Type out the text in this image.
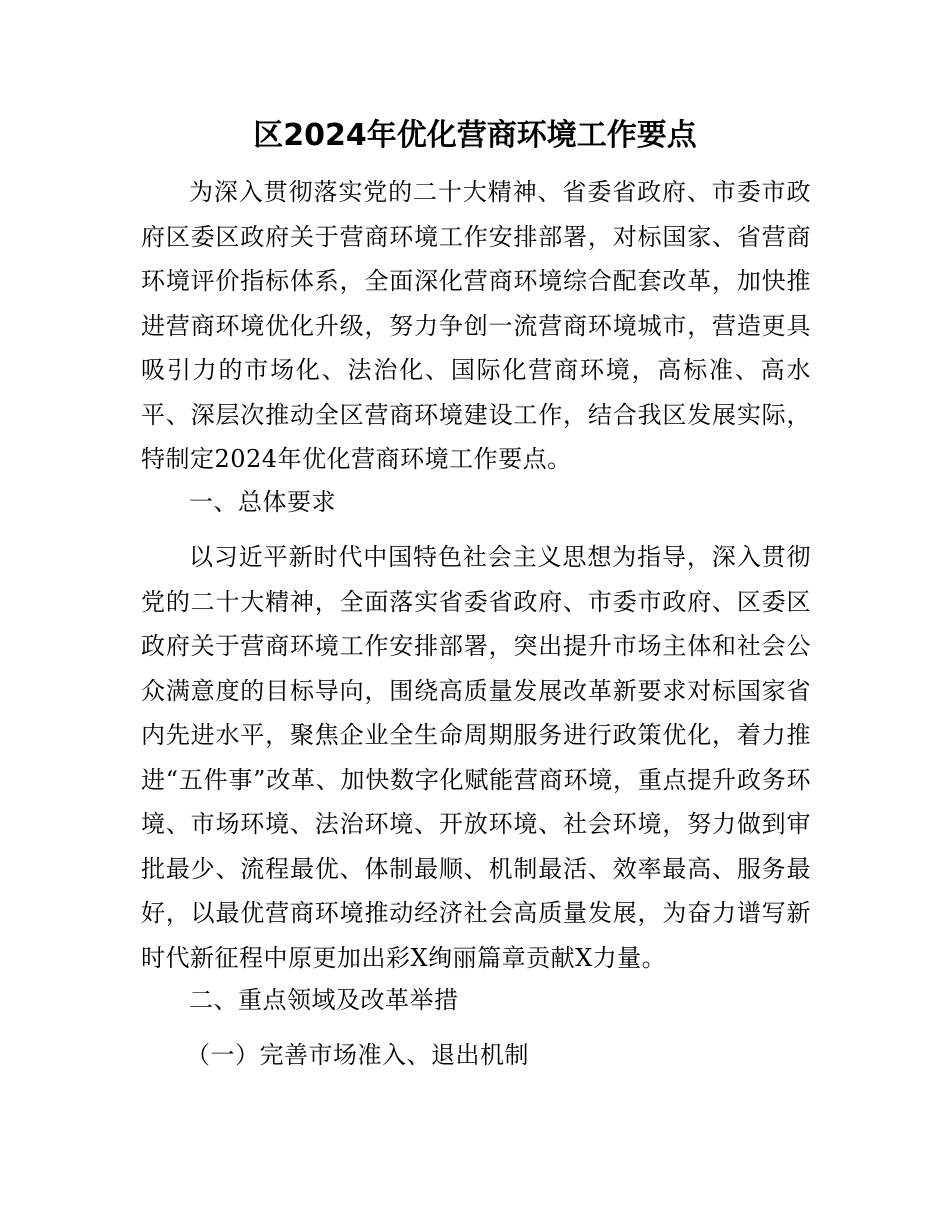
区2024年优化营商环境工作要点

为深入贯彻落实党的二十大精神、省委省政府、市委市政府区委区政府关于营商环境工作安排部署，对标国家、省营商环境评价指标体系，全面深化营商环境综合配套改革，加快推进营商环境优化升级，努力争创一流营商环境城市，营造更具吸引力的市场化、法治化、国际化营商环境，高标准、高水平、深层次推动全区营商环境建设工作，结合我区发展实际，特制定2024年优化营商环境工作要点。

一、总体要求

以习近平新时代中国特色社会主义思想为指导，深入贯彻党的二十大精神，全面落实省委省政府、市委市政府、区委区政府关于营商环境工作安排部署，突出提升市场主体和社会公众满意度的目标导向，围绕高质量发展改革新要求对标国家省内先进水平，聚焦企业全生命周期服务进行政策优化，着力推进“五件事”改革、加快数字化赋能营商环境，重点提升政务环境、市场环境、法治环境、开放环境、社会环境，努力做到审批最少、流程最优、体制最顺、机制最活、效率最高、服务最好，以最优营商环境推动经济社会高质量发展，为奋力谱写新时代新征程中原更加出彩X绚丽篇章贡献X力量。

二、重点领域及改革举措

（一）完善市场准入、退出机制
